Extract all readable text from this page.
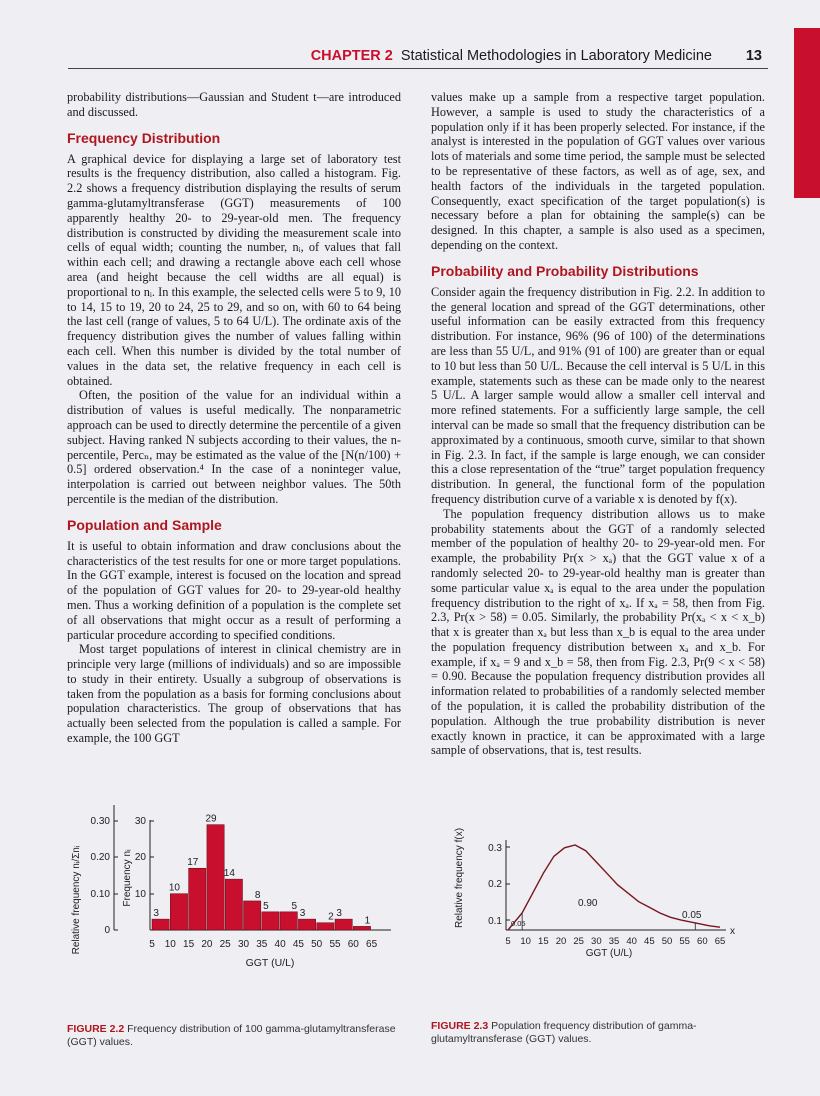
CHAPTER 2 Statistical Methodologies in Laboratory Medicine 13

probability distributions—Gaussian and Student t—are introduced and discussed.

Frequency Distribution

A graphical device for displaying a large set of laboratory test results is the frequency distribution, also called a histogram. Fig. 2.2 shows a frequency distribution displaying the results of serum gamma-glutamyltransferase (GGT) measurements of 100 apparently healthy 20- to 29-year-old men. The frequency distribution is constructed by dividing the measurement scale into cells of equal width; counting the number, nᵢ, of values that fall within each cell; and drawing a rectangle above each cell whose area (and height because the cell widths are all equal) is proportional to nᵢ. In this example, the selected cells were 5 to 9, 10 to 14, 15 to 19, 20 to 24, 25 to 29, and so on, with 60 to 64 being the last cell (range of values, 5 to 64 U/L). The ordinate axis of the frequency distribution gives the number of values falling within each cell. When this number is divided by the total number of values in the data set, the relative frequency in each cell is obtained.

Often, the position of the value for an individual within a distribution of values is useful medically. The nonparametric approach can be used to directly determine the percentile of a given subject. Having ranked N subjects according to their values, the n-percentile, Percₙ, may be estimated as the value of the [N(n/100) + 0.5] ordered observation.⁴ In the case of a noninteger value, interpolation is carried out between neighbor values. The 50th percentile is the median of the distribution.

Population and Sample

It is useful to obtain information and draw conclusions about the characteristics of the test results for one or more target populations. In the GGT example, interest is focused on the location and spread of the population of GGT values for 20- to 29-year-old healthy men. Thus a working definition of a population is the complete set of all observations that might occur as a result of performing a particular procedure according to specified conditions.

Most target populations of interest in clinical chemistry are in principle very large (millions of individuals) and so are impossible to study in their entirety. Usually a subgroup of observations is taken from the population as a basis for forming conclusions about population characteristics. The group of observations that has actually been selected from the population is called a sample. For example, the 100 GGT

values make up a sample from a respective target population. However, a sample is used to study the characteristics of a population only if it has been properly selected. For instance, if the analyst is interested in the population of GGT values over various lots of materials and some time period, the sample must be selected to be representative of these factors, as well as of age, sex, and health factors of the individuals in the targeted population. Consequently, exact specification of the target population(s) is necessary before a plan for obtaining the sample(s) can be designed. In this chapter, a sample is also used as a specimen, depending on the context.

Probability and Probability Distributions

Consider again the frequency distribution in Fig. 2.2. In addition to the general location and spread of the GGT determinations, other useful information can be easily extracted from this frequency distribution. For instance, 96% (96 of 100) of the determinations are less than 55 U/L, and 91% (91 of 100) are greater than or equal to 10 but less than 50 U/L. Because the cell interval is 5 U/L in this example, statements such as these can be made only to the nearest 5 U/L. A larger sample would allow a smaller cell interval and more refined statements. For a sufficiently large sample, the cell interval can be made so small that the frequency distribution can be approximated by a continuous, smooth curve, similar to that shown in Fig. 2.3. In fact, if the sample is large enough, we can consider this a close representation of the “true” target population frequency distribution. In general, the functional form of the population frequency distribution curve of a variable x is denoted by f(x).

The population frequency distribution allows us to make probability statements about the GGT of a randomly selected member of the population of healthy 20- to 29-year-old men. For example, the probability Pr(x > xₐ) that the GGT value x of a randomly selected 20- to 29-year-old healthy man is greater than some particular value xₐ is equal to the area under the population frequency distribution to the right of xₐ. If xₐ = 58, then from Fig. 2.3, Pr(x > 58) = 0.05. Similarly, the probability Pr(xₐ < x < x_b) that x is greater than xₐ but less than x_b is equal to the area under the population frequency distribution between xₐ and x_b. For example, if xₐ = 9 and x_b = 58, then from Fig. 2.3, Pr(9 < x < 58) = 0.90. Because the population frequency distribution provides all information related to probabilities of a randomly selected member of the population, it is called the probability distribution of the population. Although the true probability distribution is never exactly known in practice, it can be approximated with a large sample of observations, that is, test results.

Relative frequency nᵢ/Σnᵢ	Frequency nᵢ
0.30
0.20
0.10
0
30
20
10
3
10
17
29
14
8
5 5
3 2 3
1
5 10 15 20 25 30 35 40 45 50 55 60 65
GGT (U/L)
FIGURE 2.2 Frequency distribution of 100 gamma-glutamyltransferase (GGT) values.
Relative frequency f(x) 0.3
0.2
0.1 0.05
0.90
0.05
5 10 15 20 25 30 35 40 45 50 55 60 65
x
GGT (U/L)
FIGURE 2.3 Population frequency distribution of gamma-glutamyltransferase (GGT) values.
